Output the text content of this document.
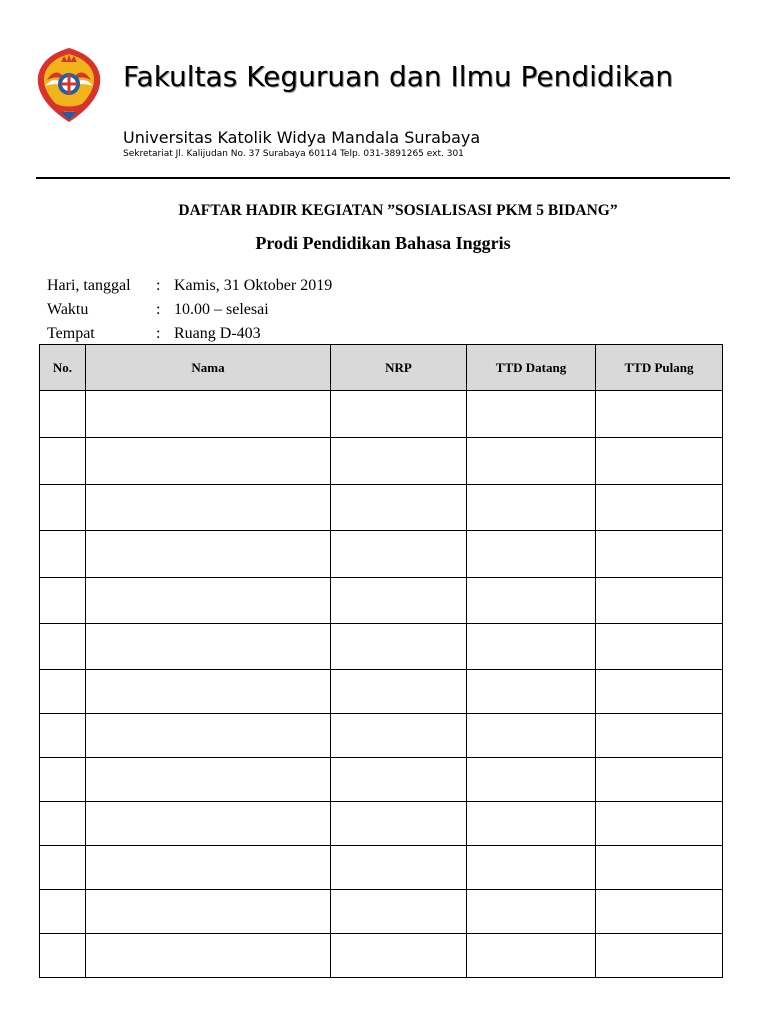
Fakultas Keguruan dan Ilmu Pendidikan
Universitas Katolik Widya Mandala Surabaya
Sekretariat Jl. Kalijudan No. 37 Surabaya 60114 Telp. 031-3891265 ext. 301
DAFTAR HADIR KEGIATAN ”SOSIALISASI PKM 5 BIDANG”
Prodi Pendidikan Bahasa Inggris
Hari, tanggal : Kamis, 31 Oktober 2019
Waktu	: 10.00 – selesai
Tempat	: Ruang D-403
No.	Nama	NRP	TTD Datang	TTD Pulang
